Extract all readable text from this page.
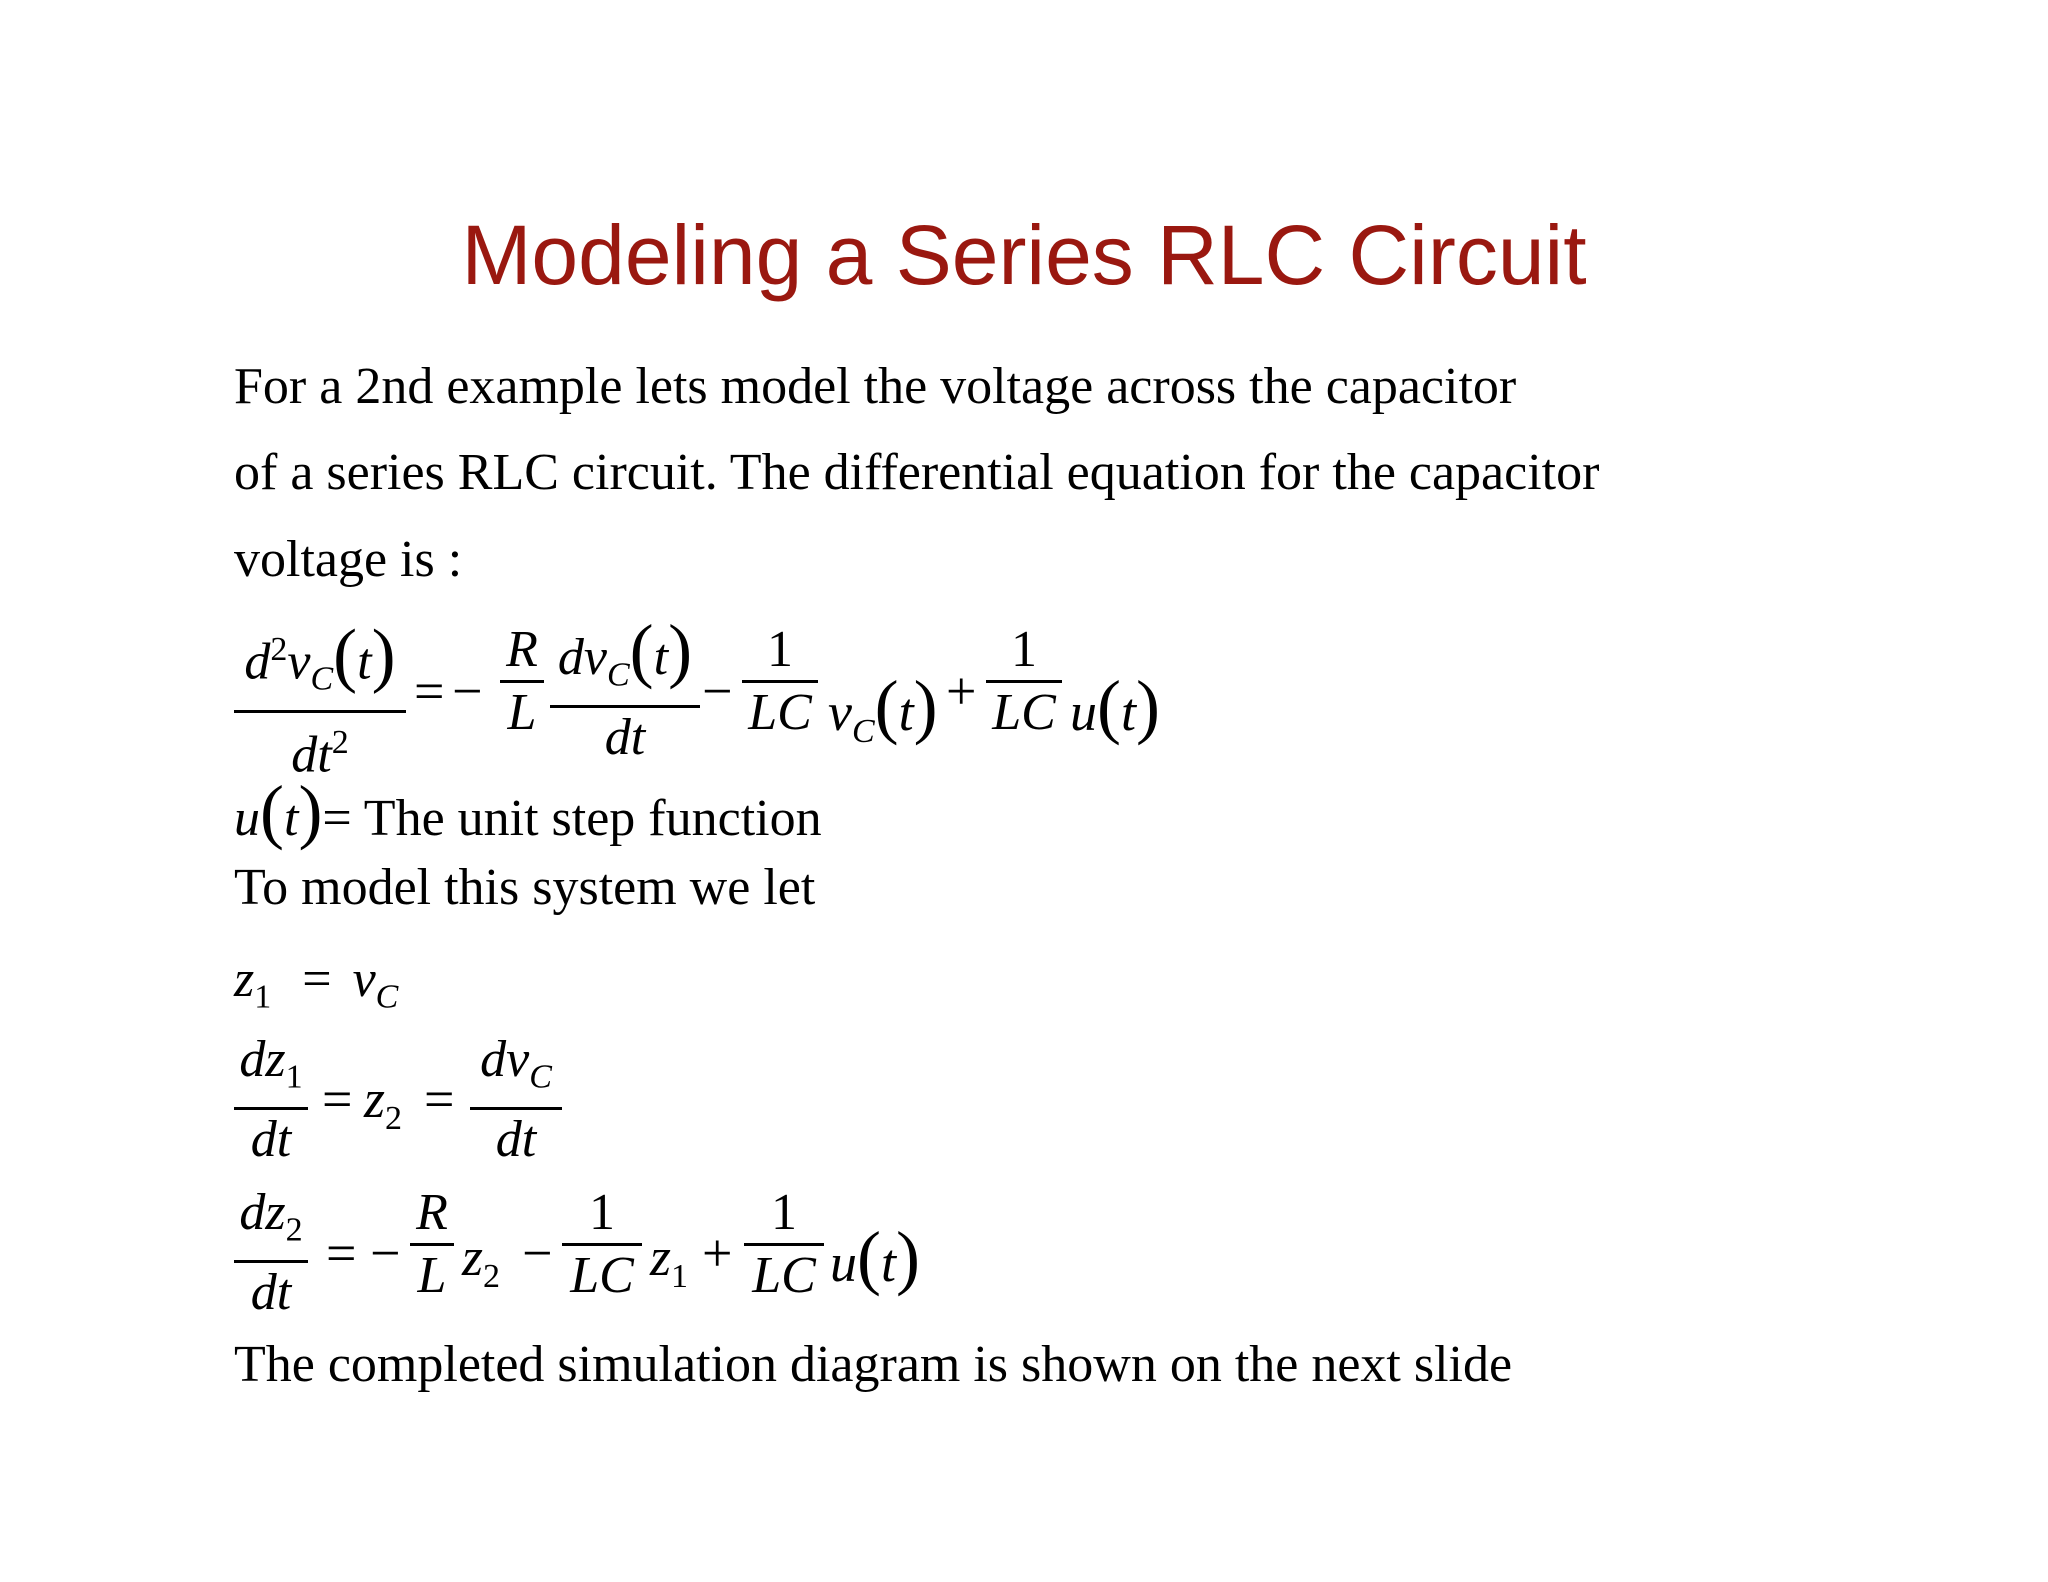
Modeling a Series RLC Circuit
For a 2nd example lets model the voltage across the capacitor
of a series RLC circuit. The differential equation for the capacitor
voltage is :
$d^2v_C(t)$
$dt^2$
= −
R
L
$dv_C(t)$
dt
−
1
LC $v_C(t)$ +
1
LC u(t)
u(t)= The unit step function
To model this system we let
$z_1 = v_C$
$dz_1$
dt
= $z_2$ =
$dv_C$
dt
$dz_2$
dt
= −
R
L $z_2$ −
1
LC $z_1$ +
1
LC u(t)
The completed simulation diagram is shown on the next slide
